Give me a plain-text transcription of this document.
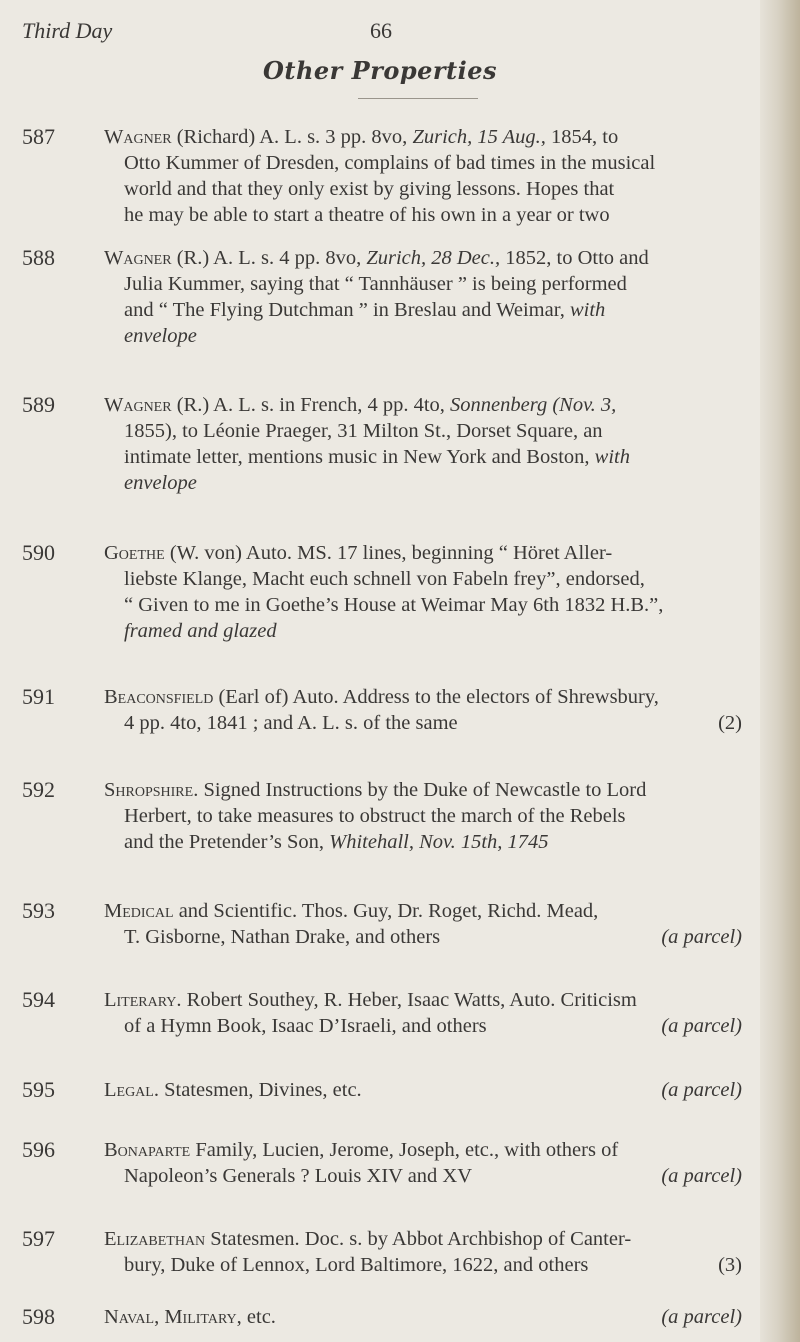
Third Day	66
Other Properties
587	Wagner (Richard) A. L. s. 3 pp. 8vo, Zurich, 15 Aug., 1854, to
Otto Kummer of Dresden, complains of bad times in the musical
world and that they only exist by giving lessons. Hopes that
he may be able to start a theatre of his own in a year or two
588	Wagner (R.) A. L. s. 4 pp. 8vo, Zurich, 28 Dec., 1852, to Otto and
Julia Kummer, saying that “ Tannhäuser ” is being performed
and “ The Flying Dutchman ” in Breslau and Weimar, with
envelope
589	Wagner (R.) A. L. s. in French, 4 pp. 4to, Sonnenberg (Nov. 3,
1855), to Léonie Praeger, 31 Milton St., Dorset Square, an
intimate letter, mentions music in New York and Boston, with
envelope
590	Goethe (W. von) Auto. MS. 17 lines, beginning “ Höret Aller-
liebste Klange, Macht euch schnell von Fabeln frey”, endorsed,
“ Given to me in Goethe’s House at Weimar May 6th 1832 H.B.”,
framed and glazed
591	Beaconsfield (Earl of) Auto. Address to the electors of Shrewsbury,
4 pp. 4to, 1841 ; and A. L. s. of the same	(2)
592	Shropshire. Signed Instructions by the Duke of Newcastle to Lord
Herbert, to take measures to obstruct the march of the Rebels
and the Pretender’s Son, Whitehall, Nov. 15th, 1745
593	Medical and Scientific. Thos. Guy, Dr. Roget, Richd. Mead,
T. Gisborne, Nathan Drake, and others	(a parcel)
594	Literary. Robert Southey, R. Heber, Isaac Watts, Auto. Criticism
of a Hymn Book, Isaac D’Israeli, and others	(a parcel)
595	Legal. Statesmen, Divines, etc.	(a parcel)
596	Bonaparte Family, Lucien, Jerome, Joseph, etc., with others of
Napoleon’s Generals ? Louis XIV and XV	(a parcel)
597	Elizabethan Statesmen. Doc. s. by Abbot Archbishop of Canter-
bury, Duke of Lennox, Lord Baltimore, 1622, and others	(3)
598	Naval, Military, etc.	(a parcel)
